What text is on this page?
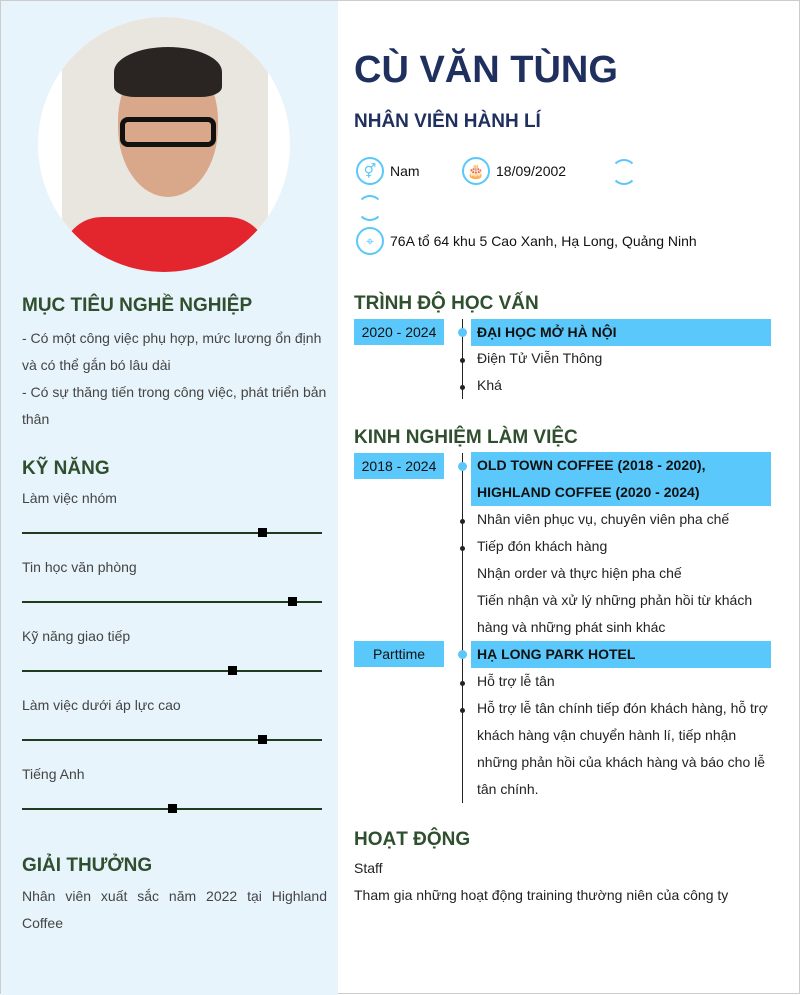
MỤC TIÊU NGHỀ NGHIỆP
- Có một công việc phụ hợp, mức lương ổn định và có thể gắn bó lâu dài
- Có sự thăng tiến trong công việc, phát triển bản thân
KỸ NĂNG
Làm việc nhóm
Tin học văn phòng
Kỹ năng giao tiếp
Làm việc dưới áp lực cao
Tiếng Anh
GIẢI THƯỞNG
Nhân viên xuất sắc năm 2022 tại Highland Coffee
CÙ VĂN TÙNG
NHÂN VIÊN HÀNH LÍ
⚥ Nam	🎂 18/09/2002
⌖	76A tổ 64 khu 5 Cao Xanh, Hạ Long, Quảng Ninh
TRÌNH ĐỘ HỌC VẤN
2020 - 2024	ĐẠI HỌC MỞ HÀ NỘI
Điện Tử Viễn Thông
Khá
KINH NGHIỆM LÀM VIỆC
2018 - 2024	OLD TOWN COFFEE (2018 - 2020), HIGHLAND COFFEE (2020 - 2024)
Nhân viên phục vụ, chuyên viên pha chế
Tiếp đón khách hàng
Nhận order và thực hiện pha chế
Tiến nhận và xử lý những phản hồi từ khách hàng và những phát sinh khác
Parttime	HẠ LONG PARK HOTEL
Hỗ trợ lễ tân
Hỗ trợ lễ tân chính tiếp đón khách hàng, hỗ trợ khách hàng vận chuyển hành lí, tiếp nhận những phản hồi của khách hàng và báo cho lễ tân chính.
HOẠT ĐỘNG
Staff
Tham gia những hoạt động training thường niên của công ty
